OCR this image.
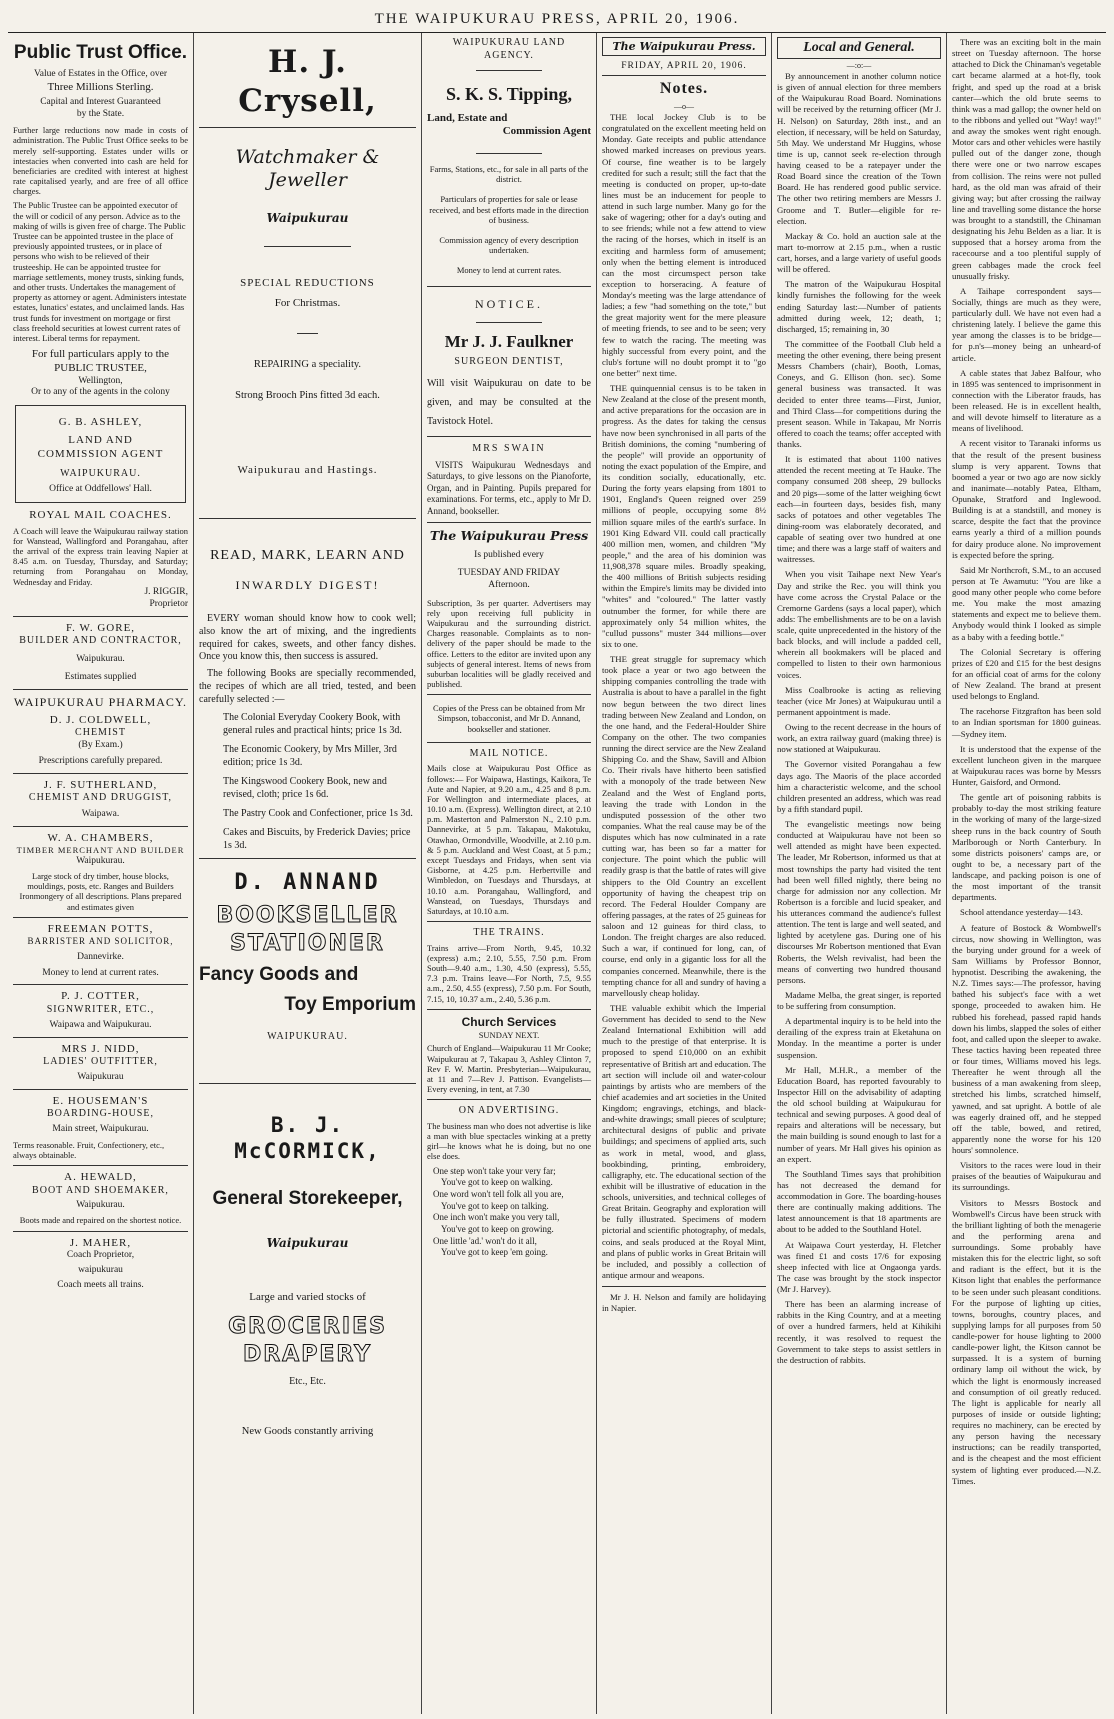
THE WAIPUKURAU PRESS, APRIL 20, 1906.
Public Trust Office.
Value of Estates in the Office, over
Three Millions Sterling.
Capital and Interest Guaranteed
by the State.
Further large reductions now made in costs of administration. The Public Trust Office seeks to be merely self-supporting. Estates under wills or intestacies when converted into cash are held for beneficiaries are credited with interest at highest rate capitalised yearly, and are free of all office charges.
The Public Trustee can be appointed executor of the will or codicil of any person. Advice as to the making of wills is given free of charge. The Public Trustee can be appointed trustee in the place of previously appointed trustees, or in place of persons who wish to be relieved of their trusteeship. He can be appointed trustee for marriage settlements, money trusts, sinking funds, and other trusts. Undertakes the management of property as attorney or agent. Administers intestate estates, lunatics' estates, and unclaimed lands. Has trust funds for investment on mortgage or first class freehold securities at lowest current rates of interest. Liberal terms for repayment.
For full particulars apply to the
PUBLIC TRUSTEE,
Wellington,
Or to any of the agents in the colony
G. B. ASHLEY,
LAND AND
COMMISSION AGENT
WAIPUKURAU.
Office at Oddfellows' Hall.
ROYAL MAIL COACHES.
A Coach will leave the Waipukurau railway station for Wanstead, Wallingford and Porangahau, after the arrival of the express train leaving Napier at 8.45 a.m. on Tuesday, Thursday, and Saturday; returning from Porangahau on Monday, Wednesday and Friday.
J. RIGGIR,
Proprietor
F. W. GORE,
BUILDER AND CONTRACTOR,
Waipukurau.
Estimates supplied
WAIPUKURAU PHARMACY.
D. J. COLDWELL,
CHEMIST
(By Exam.)
Prescriptions carefully prepared.
J. F. SUTHERLAND,
CHEMIST AND DRUGGIST,
Waipawa.
W. A. CHAMBERS,
TIMBER MERCHANT AND BUILDER
Waipukurau.
Large stock of dry timber, house blocks, mouldings, posts, etc. Ranges and Builders Ironmongery of all descriptions. Plans prepared and estimates given
FREEMAN POTTS,
BARRISTER AND SOLICITOR,
Dannevirke.
Money to lend at current rates.
P. J. COTTER,
SIGNWRITER, ETC.,
Waipawa and Waipukurau.
MRS J. NIDD,
LADIES' OUTFITTER,
Waipukurau
E. HOUSEMAN'S
BOARDING-HOUSE,
Main street, Waipukurau.
Terms reasonable. Fruit, Confectionery, etc., always obtainable.
A. HEWALD,
BOOT AND SHOEMAKER,
Waipukurau.
Boots made and repaired on the shortest notice.
J. MAHER,
Coach Proprietor,
waipukurau
Coach meets all trains.
H. J. Crysell,
Watchmaker & Jeweller
Waipukurau
SPECIAL REDUCTIONS
For Christmas.
REPAIRING a speciality.
Strong Brooch Pins fitted 3d each.
Waipukurau and Hastings.
READ, MARK, LEARN AND
INWARDLY DIGEST!
EVERY woman should know how to cook well; also know the art of mixing, and the ingredients required for cakes, sweets, and other fancy dishes. Once you know this, then success is assured.
The following Books are specially recommended, the recipes of which are all tried, tested, and been carefully selected :—
The Colonial Everyday Cookery Book, with general rules and practical hints; price 1s 3d.
The Economic Cookery, by Mrs Miller, 3rd edition; price 1s 3d.
The Kingswood Cookery Book, new and revised, cloth; price 1s 6d.
The Pastry Cook and Confectioner, price 1s 3d.
Cakes and Biscuits, by Frederick Davies; price 1s 3d.
D. ANNAND
BOOKSELLER
STATIONER
Fancy Goods and
Toy Emporium
WAIPUKURAU.
B. J. McCORMICK,
General Storekeeper,
Waipukurau
Large and varied stocks of
GROCERIES
DRAPERY
Etc., Etc.
New Goods constantly arriving
WAIPUKURAU LAND
AGENCY.
S. K. S. Tipping,
Land, Estate and
Commission Agent
Farms, Stations, etc., for sale in all parts of the district.
Particulars of properties for sale or lease received, and best efforts made in the direction of business.
Commission agency of every description undertaken.
Money to lend at current rates.
NOTICE.
Mr J. J. Faulkner
SURGEON DENTIST,
Will visit Waipukurau on date to be given, and may be consulted at the Tavistock Hotel.
MRS SWAIN
VISITS Waipukurau Wednesdays and Saturdays, to give lessons on the Pianoforte, Organ, and in Painting. Pupils prepared for examinations. For terms, etc., apply to Mr D. Annand, bookseller.
The Waipukurau Press
Is published every
TUESDAY AND FRIDAY
Afternoon.
Subscription, 3s per quarter. Advertisers may rely upon receiving full publicity in Waipukurau and the surrounding district. Charges reasonable. Complaints as to non-delivery of the paper should be made to the office. Letters to the editor are invited upon any subjects of general interest. Items of news from suburban localities will be gladly received and published.
Copies of the Press can be obtained from Mr Simpson, tobacconist, and Mr D. Annand, bookseller and stationer.
MAIL NOTICE.
Mails close at Waipukurau Post Office as follows:— For Waipawa, Hastings, Kaikora, Te Aute and Napier, at 9.20 a.m., 4.25 and 8 p.m. For Wellington and intermediate places, at 10.10 a.m. (Express). Wellington direct, at 2.10 p.m. Masterton and Palmerston N., 2.10 p.m. Dannevirke, at 5 p.m. Takapau, Makotuku, Otawhao, Ormondville, Woodville, at 2.10 p.m. & 5 p.m. Auckland and West Coast, at 5 p.m.; except Tuesdays and Fridays, when sent via Gisborne, at 4.25 p.m. Herbertville and Wimbledon, on Tuesdays and Thursdays, at 10.10 a.m. Porangahau, Wallingford, and Wanstead, on Tuesdays, Thursdays and Saturdays, at 10.10 a.m.
THE TRAINS.
Trains arrive—From North, 9.45, 10.32 (express) a.m.; 2.10, 5.55, 7.50 p.m. From South—9.40 a.m., 1.30, 4.50 (express), 5.55, 7.3 p.m. Trains leave—For North, 7.5, 9.55 a.m., 2.50, 4.55 (express), 7.50 p.m. For South, 7.15, 10, 10.37 a.m., 2.40, 5.36 p.m.
Church Services
SUNDAY NEXT.
Church of England—Waipukurau 11 Mr Cooke; Waipukurau at 7, Takapau 3, Ashley Clinton 7, Rev F. W. Martin. Presbyterian—Waipukurau, at 11 and 7—Rev J. Pattison. Evangelists—Every evening, in tent, at 7.30
ON ADVERTISING.
The business man who does not advertise is like a man with blue spectacles winking at a pretty girl—he knows what he is doing, but no one else does.
One step won't take your very far;
You've got to keep on walking.
One word won't tell folk all you are,
You've got to keep on talking.
One inch won't make you very tall,
You've got to keep on growing.
One little 'ad.' won't do it all,
You've got to keep 'em going.
The Waipukurau Press.
FRIDAY, APRIL 20, 1906.
Notes.
—o—

THE local Jockey Club is to be congratulated on the excellent meeting held on Monday. Gate receipts and public attendance showed marked increases on previous years. Of course, fine weather is to be largely credited for such a result; still the fact that the meeting is conducted on proper, up-to-date lines must be an inducement for people to attend in such large number. Many go for the sake of wagering; other for a day's outing and to see friends; while not a few attend to view the racing of the horses, which in itself is an exciting and harmless form of amusement; only when the betting element is introduced can the most circumspect person take exception to horseracing. A feature of Monday's meeting was the large attendance of ladies; a few "had something on the tote," but the great majority went for the mere pleasure of meeting friends, to see and to be seen; very few to watch the racing. The meeting was highly successful from every point, and the club's fortune will no doubt prompt it to "go one better" next time.

THE quinquennial census is to be taken in New Zealand at the close of the present month, and active preparations for the occasion are in progress. As the dates for taking the census have now been synchronised in all parts of the British dominions, the coming "numbering of the people" will provide an opportunity of noting the exact population of the Empire, and its condition socially, educationally, etc. During the forty years elapsing from 1801 to 1901, England's Queen reigned over 259 millions of people, occupying some 8½ million square miles of the earth's surface. In 1901 King Edward VII. could call practically 400 million men, women, and children "My people," and the area of his dominion was 11,908,378 square miles. Broadly speaking, the 400 millions of British subjects residing within the Empire's limits may be divided into "whites" and "coloured." The latter vastly outnumber the former, for while there are approximately only 54 million whites, the "cullud pussons" muster 344 millions—over six to one.

THE great struggle for supremacy which took place a year or two ago between the shipping companies controlling the trade with Australia is about to have a parallel in the fight now begun between the two direct lines trading between New Zealand and London, on the one hand, and the Federal-Houlder Shire Company on the other. The two companies running the direct service are the New Zealand Shipping Co. and the Shaw, Savill and Albion Co. Their rivals have hitherto been satisfied with a monopoly of the trade between New Zealand and the West of England ports, leaving the trade with London in the undisputed possession of the other two companies. What the real cause may be of the disputes which has now culminated in a rate cutting war, has been so far a matter for conjecture. The point which the public will readily grasp is that the battle of rates will give shippers to the Old Country an excellent opportunity of having the cheapest trip on record. The Federal Houlder Company are offering passages, at the rates of 25 guineas for saloon and 12 guineas for third class, to London. The freight charges are also reduced. Such a war, if continued for long, can, of course, end only in a gigantic loss for all the companies concerned. Meanwhile, there is the tempting chance for all and sundry of having a marvellously cheap holiday.

THE valuable exhibit which the Imperial Government has decided to send to the New Zealand International Exhibition will add much to the prestige of that enterprise. It is proposed to spend £10,000 on an exhibit representative of British art and education. The art section will include oil and water-colour paintings by artists who are members of the chief academies and art societies in the United Kingdom; engravings, etchings, and black-and-white drawings; small pieces of sculpture; architectural designs of public and private buildings; and specimens of applied arts, such as work in metal, wood, and glass, bookbinding, printing, embroidery, calligraphy, etc. The educational section of the exhibit will be illustrative of education in the schools, universities, and technical colleges of Great Britain. Geography and exploration will be fully illustrated. Specimens of modern pictorial and scientific photography, of medals, coins, and seals produced at the Royal Mint, and plans of public works in Great Britain will be included, and possibly a collection of antique armour and weapons.

Mr J. H. Nelson and family are holidaying in Napier.

Local and General.
—:o:—

By announcement in another column notice is given of annual election for three members of the Waipukurau Road Board. Nominations will be received by the returning officer (Mr J. H. Nelson) on Saturday, 28th inst., and an election, if necessary, will be held on Saturday, 5th May. We understand Mr Huggins, whose time is up, cannot seek re-election through having ceased to be a ratepayer under the Road Board since the creation of the Town Board. He has rendered good public service. The other two retiring members are Messrs J. Groome and T. Butler—eligible for re-election.

Mackay & Co. hold an auction sale at the mart to-morrow at 2.15 p.m., when a rustic cart, horses, and a large variety of useful goods will be offered.

The matron of the Waipukurau Hospital kindly furnishes the following for the week ending Saturday last:—Number of patients admitted during week, 12; death, 1; discharged, 15; remaining in, 30

The committee of the Football Club held a meeting the other evening, there being present Messrs Chambers (chair), Booth, Lomas, Coneys, and G. Ellison (hon. sec). Some general business was transacted. It was decided to enter three teams—First, Junior, and Third Class—for competitions during the present season. While in Takapau, Mr Norris offered to coach the teams; offer accepted with thanks.

It is estimated that about 1100 natives attended the recent meeting at Te Hauke. The company consumed 208 sheep, 29 bullocks and 20 pigs—some of the latter weighing 6cwt each—in fourteen days, besides fish, many sacks of potatoes and other vegetables The dining-room was elaborately decorated, and capable of seating over two hundred at one time; and there was a large staff of waiters and waitresses.

When you visit Taihape next New Year's Day and strike the Rec. you will think you have come across the Crystal Palace or the Cremorne Gardens (says a local paper), which adds: The embellishments are to be on a lavish scale, quite unprecedented in the history of the back blocks, and will include a padded cell, wherein all bookmakers will be placed and compelled to listen to their own harmonious voices.

Miss Coalbrooke is acting as relieving teacher (vice Mr Jones) at Waipukurau until a permanent appointment is made.

Owing to the recent decrease in the hours of work, an extra railway guard (making three) is now stationed at Waipukurau.

The Governor visited Porangahau a few days ago. The Maoris of the place accorded him a characteristic welcome, and the school children presented an address, which was read by a fifth standard pupil.

The evangelistic meetings now being conducted at Waipukurau have not been so well attended as might have been expected. The leader, Mr Robertson, informed us that at most townships the party had visited the tent had been well filled nightly, there being no charge for admission nor any collection. Mr Robertson is a forcible and lucid speaker, and his utterances command the audience's fullest attention. The tent is large and well seated, and lighted by acetylene gas. During one of his discourses Mr Robertson mentioned that Evan Roberts, the Welsh revivalist, had been the means of converting two hundred thousand persons.

Madame Melba, the great singer, is reported to be suffering from consumption.

A departmental inquiry is to be held into the derailing of the express train at Eketahuna on Monday. In the meantime a porter is under suspension.

Mr Hall, M.H.R., a member of the Education Board, has reported favourably to Inspector Hill on the advisability of adapting the old school building at Waipukurau for technical and sewing purposes. A good deal of repairs and alterations will be necessary, but the main building is sound enough to last for a number of years. Mr Hall gives his opinion as an expert.

The Southland Times says that prohibition has not decreased the demand for accommodation in Gore. The boarding-houses there are continually making additions. The latest announcement is that 18 apartments are about to be added to the Southland Hotel.

At Waipawa Court yesterday, H. Fletcher was fined £1 and costs 17/6 for exposing sheep infected with lice at Ongaonga yards. The case was brought by the stock inspector (Mr J. Harvey).

There has been an alarming increase of rabbits in the King Country, and at a meeting of over a hundred farmers, held at Kihikihi recently, it was resolved to request the Government to take steps to assist settlers in the destruction of rabbits.

There was an exciting bolt in the main street on Tuesday afternoon. The horse attached to Dick the Chinaman's vegetable cart became alarmed at a hot-fly, took fright, and sped up the road at a brisk canter—which the old brute seems to think was a mad gallop; the owner held on to the ribbons and yelled out "Way! way!" and away the smokes went right enough. Motor cars and other vehicles were hastily pulled out of the danger zone, though there were one or two narrow escapes from collision. The reins were not pulled hard, as the old man was afraid of their giving way; but after crossing the railway line and travelling some distance the horse was brought to a standstill, the Chinaman designating his Jehu Belden as a liar. It is supposed that a horsey aroma from the racecourse and a too plentiful supply of green cabbages made the crock feel unusually frisky.

A Taihape correspondent says—Socially, things are much as they were, particularly dull. We have not even had a christening lately. I believe the game this year among the classes is to be bridge—for p.n's—money being an unheard-of article.

A cable states that Jabez Balfour, who in 1895 was sentenced to imprisonment in connection with the Liberator frauds, has been released. He is in excellent health, and will devote himself to literature as a means of livelihood.

A recent visitor to Taranaki informs us that the result of the present business slump is very apparent. Towns that boomed a year or two ago are now sickly and inanimate—notably Patea, Eltham, Opunake, Stratford and Inglewood. Building is at a standstill, and money is scarce, despite the fact that the province earns yearly a third of a million pounds for dairy produce alone. No improvement is expected before the spring.

Said Mr Northcroft, S.M., to an accused person at Te Awamutu: "You are like a good many other people who come before me. You make the most amazing statements and expect me to believe them. Anybody would think I looked as simple as a baby with a feeding bottle."

The Colonial Secretary is offering prizes of £20 and £15 for the best designs for an official coat of arms for the colony of New Zealand. The brand at present used belongs to England.

The racehorse Fitzgrafton has been sold to an Indian sportsman for 1800 guineas.—Sydney item.

It is understood that the expense of the excellent luncheon given in the marquee at Waipukurau races was borne by Messrs Hunter, Gaisford, and Ormond.

The gentle art of poisoning rabbits is probably to-day the most striking feature in the working of many of the large-sized sheep runs in the back country of South Marlborough or North Canterbury. In some districts poisoners' camps are, or ought to be, a necessary part of the landscape, and packing poison is one of the most important of the transit departments.

School attendance yesterday—143.

A feature of Bostock & Wombwell's circus, now showing in Wellington, was the burying under ground for a week of Sam Williams by Professor Bonnor, hypnotist. Describing the awakening, the N.Z. Times says:—The professor, having bathed his subject's face with a wet sponge, proceeded to awaken him. He rubbed his forehead, passed rapid hands down his limbs, slapped the soles of either foot, and called upon the sleeper to awake. These tactics having been repeated three or four times, Williams moved his legs. Thereafter he went through all the business of a man awakening from sleep, stretched his limbs, scratched himself, yawned, and sat upright. A bottle of ale was eagerly drained off, and he stepped off the table, bowed, and retired, apparently none the worse for his 120 hours' somnolence.

Visitors to the races were loud in their praises of the beauties of Waipukurau and its surroundings.

Visitors to Messrs Bostock and Wombwell's Circus have been struck with the brilliant lighting of both the menagerie and the performing arena and surroundings. Some probably have mistaken this for the electric light, so soft and radiant is the effect, but it is the Kitson light that enables the performance to be seen under such pleasant conditions. For the purpose of lighting up cities, towns, boroughs, country places, and supplying lamps for all purposes from 50 candle-power for house lighting to 2000 candle-power light, the Kitson cannot be surpassed. It is a system of burning ordinary lamp oil without the wick, by which the light is enormously increased and consumption of oil greatly reduced. The light is applicable for nearly all purposes of inside or outside lighting; requires no machinery, can be erected by any person having the necessary instructions; can be readily transported, and is the cheapest and the most efficient system of lighting ever produced.—N.Z. Times.
